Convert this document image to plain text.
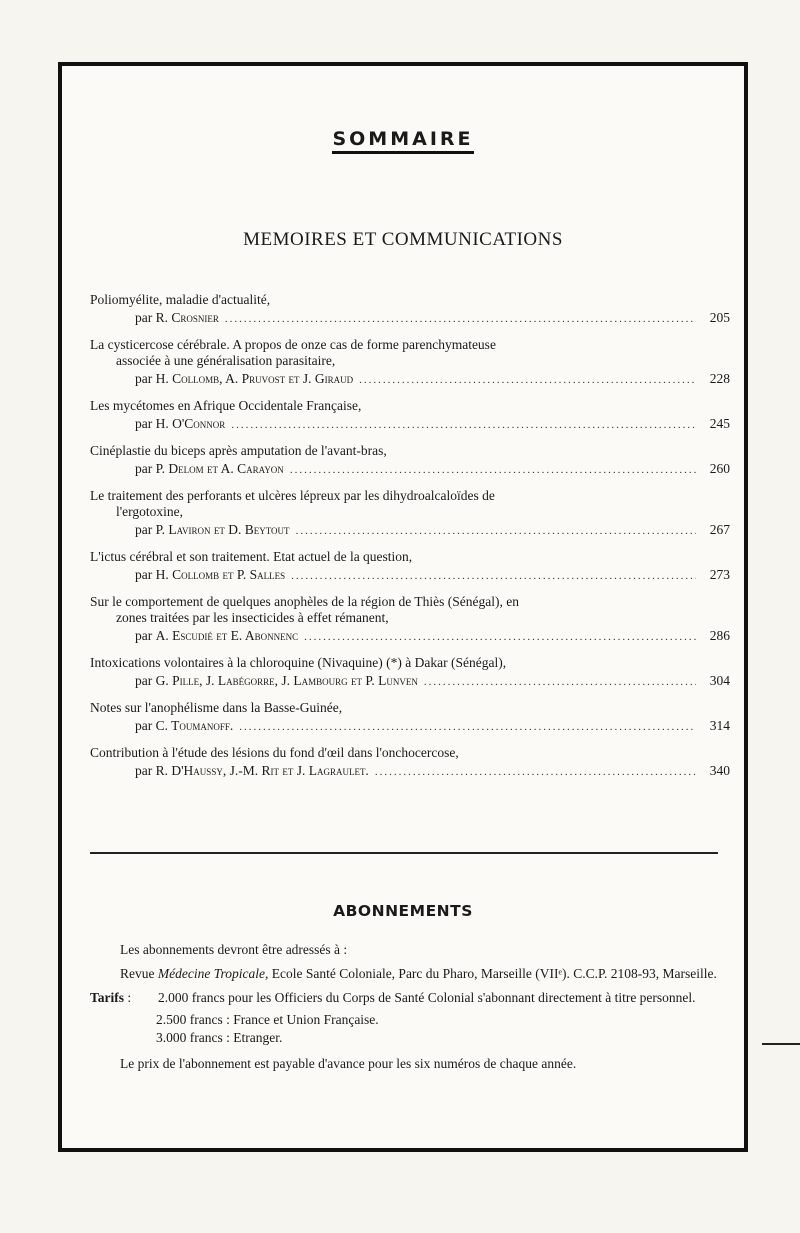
SOMMAIRE
MEMOIRES ET COMMUNICATIONS
Poliomyélite, maladie d'actualité,
par R. Crosnier .....	205
La cysticercose cérébrale. A propos de onze cas de forme parenchymateuse
associée à une généralisation parasitaire,
par H. Collomb, A. Pruvost et J. Giraud .....	228
Les mycétomes en Afrique Occidentale Française,
par H. O'Connor .....	245
Cinéplastie du biceps après amputation de l'avant-bras,
par P. Delom et A. Carayon .....	260
Le traitement des perforants et ulcères lépreux par les dihydroalcaloïdes de
l'ergotoxine,
par P. Laviron et D. Beytout .....	267
L'ictus cérébral et son traitement. Etat actuel de la question,
par H. Collomb et P. Salles .....	273
Sur le comportement de quelques anophèles de la région de Thiès (Sénégal), en
zones traitées par les insecticides à effet rémanent,
par A. Escudié et E. Abonnenc .....	286
Intoxications volontaires à la chloroquine (Nivaquine) (*) à Dakar (Sénégal),
par G. Pille, J. Labégorre, J. Lambourg et P. Lunven .....	304
Notes sur l'anophélisme dans la Basse-Guinée,
par C. Toumanoff. .....	314
Contribution à l'étude des lésions du fond d'œil dans l'onchocercose,
par R. D'Haussy, J.-M. Rit et J. Lagraulet. .....	340
ABONNEMENTS

Les abonnements devront être adressés à :

Revue Médecine Tropicale, Ecole Santé Coloniale, Parc du Pharo, Marseille (VIIᵉ). C.C.P. 2108-93, Marseille.

Tarifs :	2.000 francs pour les Officiers du Corps de Santé Colonial s'abonnant directement à titre personnel.
2.500 francs : France et Union Française.
3.000 francs : Etranger.

Le prix de l'abonnement est payable d'avance pour les six numéros de chaque année.
